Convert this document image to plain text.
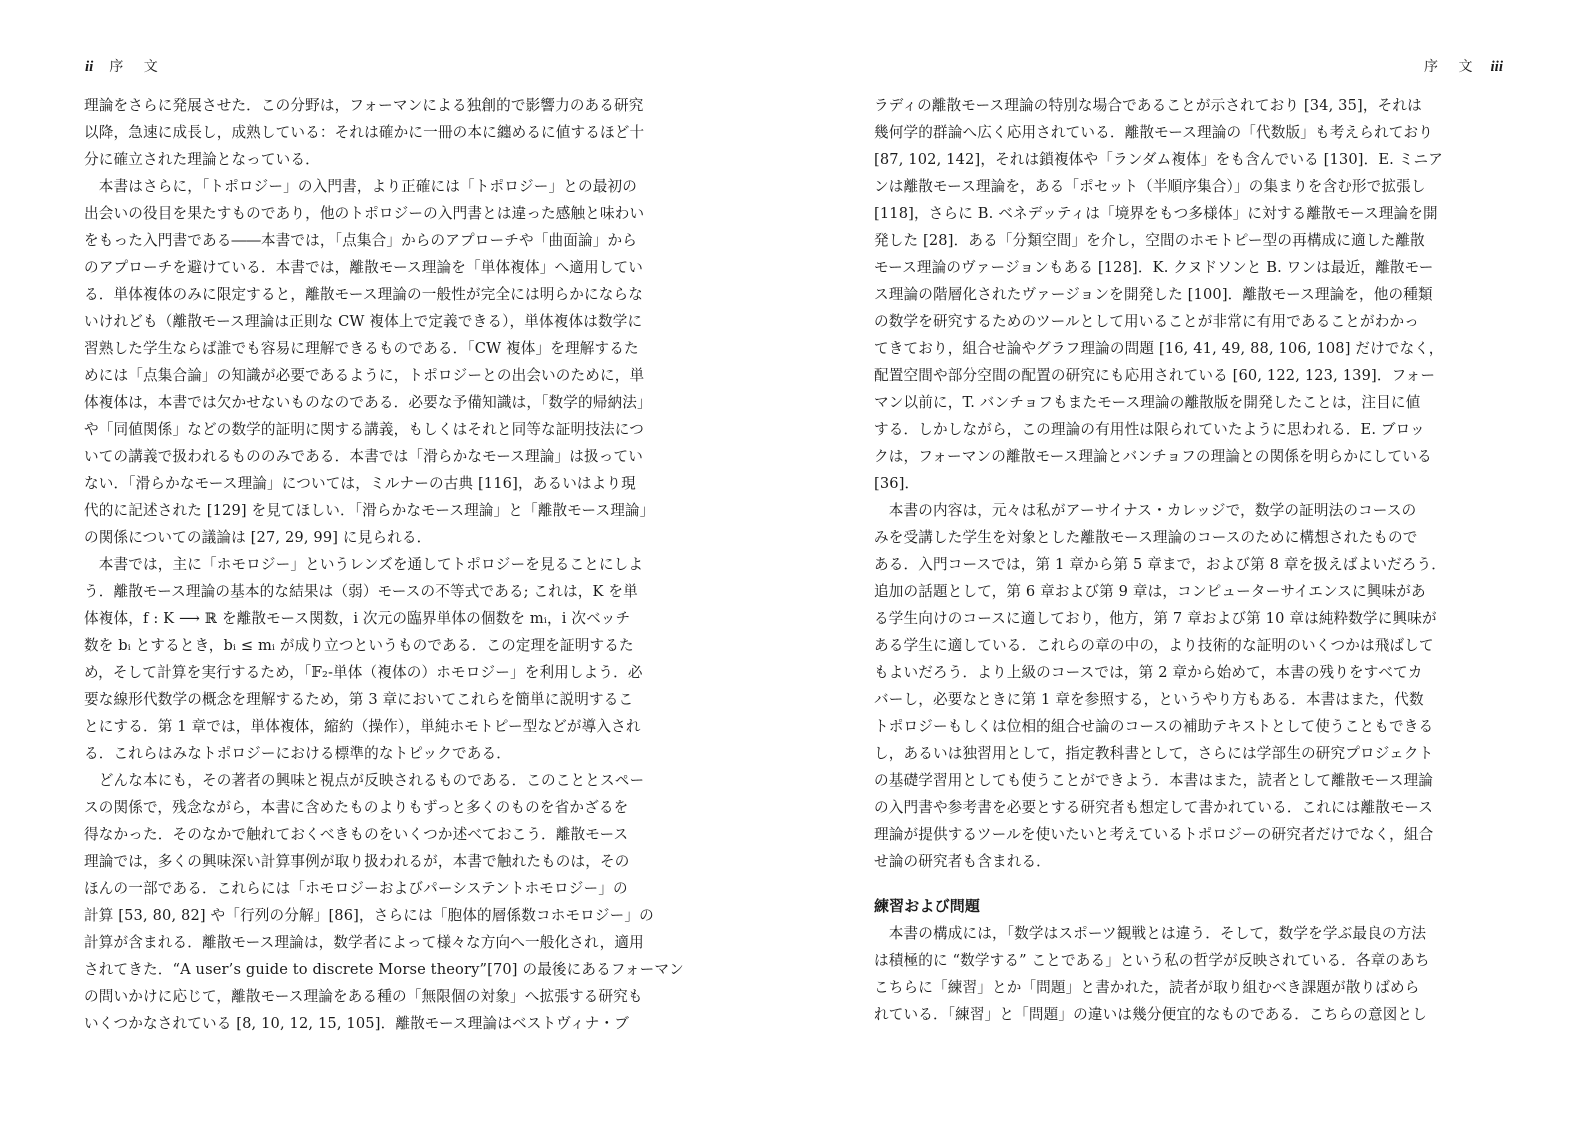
ii 序 文
理論をさらに発展させた．この分野は，フォーマンによる独創的で影響力のある研究
以降，急速に成長し，成熟している：それは確かに一冊の本に纏めるに値するほど十
分に確立された理論となっている．
　本書はさらに，「トポロジー」の入門書，より正確には「トポロジー」との最初の
出会いの役目を果たすものであり，他のトポロジーの入門書とは違った感触と味わい
をもった入門書である――本書では，「点集合」からのアプローチや「曲面論」から
のアプローチを避けている．本書では，離散モース理論を「単体複体」へ適用してい
る．単体複体のみに限定すると，離散モース理論の一般性が完全には明らかにならな
いけれども（離散モース理論は正則な CW 複体上で定義できる），単体複体は数学に
習熟した学生ならば誰でも容易に理解できるものである．「CW 複体」を理解するた
めには「点集合論」の知識が必要であるように，トポロジーとの出会いのために，単
体複体は，本書では欠かせないものなのである．必要な予備知識は，「数学的帰納法」
や「同値関係」などの数学的証明に関する講義，もしくはそれと同等な証明技法につ
いての講義で扱われるもののみである．本書では「滑らかなモース理論」は扱ってい
ない．「滑らかなモース理論」については，ミルナーの古典 [116]，あるいはより現
代的に記述された [129] を見てほしい．「滑らかなモース理論」と「離散モース理論」
の関係についての議論は [27, 29, 99] に見られる．
　本書では，主に「ホモロジー」というレンズを通してトポロジーを見ることにしよ
う．離散モース理論の基本的な結果は（弱）モースの不等式である; これは，K を単
体複体，f : K ⟶ ℝ を離散モース関数，i 次元の臨界単体の個数を mᵢ，i 次ベッチ
数を bᵢ とするとき，bᵢ ≤ mᵢ が成り立つというものである．この定理を証明するた
め，そして計算を実行するため，「𝔽₂-単体（複体の）ホモロジー」を利用しよう．必
要な線形代数学の概念を理解するため，第 3 章においてこれらを簡単に説明するこ
とにする．第 1 章では，単体複体，縮約（操作），単純ホモトピー型などが導入され
る．これらはみなトポロジーにおける標準的なトピックである．
　どんな本にも，その著者の興味と視点が反映されるものである．このこととスペー
スの関係で，残念ながら，本書に含めたものよりもずっと多くのものを省かざるを
得なかった．そのなかで触れておくべきものをいくつか述べておこう．離散モース
理論では，多くの興味深い計算事例が取り扱われるが，本書で触れたものは，その
ほんの一部である．これらには「ホモロジーおよびパーシステントホモロジー」の
計算 [53, 80, 82] や「行列の分解」[86]，さらには「胞体的層係数コホモロジー」の
計算が含まれる．離散モース理論は，数学者によって様々な方向へ一般化され，適用
されてきた．“A user’s guide to discrete Morse theory”[70] の最後にあるフォーマン
の問いかけに応じて，離散モース理論をある種の「無限個の対象」へ拡張する研究も
いくつかなされている [8, 10, 12, 15, 105]．離散モース理論はベストヴィナ・ブ
序 文 iii
ラディの離散モース理論の特別な場合であることが示されており [34, 35]，それは
幾何学的群論へ広く応用されている．離散モース理論の「代数版」も考えられており
[87, 102, 142]，それは鎖複体や「ランダム複体」をも含んでいる [130]．E. ミニア
ンは離散モース理論を，ある「ポセット（半順序集合）」の集まりを含む形で拡張し
[118]，さらに B. ベネデッティは「境界をもつ多様体」に対する離散モース理論を開
発した [28]．ある「分類空間」を介し，空間のホモトピー型の再構成に適した離散
モース理論のヴァージョンもある [128]．K. クヌドソンと B. ワンは最近，離散モー
ス理論の階層化されたヴァージョンを開発した [100]．離散モース理論を，他の種類
の数学を研究するためのツールとして用いることが非常に有用であることがわかっ
てきており，組合せ論やグラフ理論の問題 [16, 41, 49, 88, 106, 108] だけでなく，
配置空間や部分空間の配置の研究にも応用されている [60, 122, 123, 139]．フォー
マン以前に，T. バンチョフもまたモース理論の離散版を開発したことは，注目に値
する．しかしながら，この理論の有用性は限られていたように思われる．E. ブロッ
クは，フォーマンの離散モース理論とバンチョフの理論との関係を明らかにしている
[36]．
　本書の内容は，元々は私がアーサイナス・カレッジで，数学の証明法のコースの
みを受講した学生を対象とした離散モース理論のコースのために構想されたもので
ある．入門コースでは，第 1 章から第 5 章まで，および第 8 章を扱えばよいだろう．
追加の話題として，第 6 章および第 9 章は，コンピューターサイエンスに興味があ
る学生向けのコースに適しており，他方，第 7 章および第 10 章は純粋数学に興味が
ある学生に適している．これらの章の中の，より技術的な証明のいくつかは飛ばして
もよいだろう．より上級のコースでは，第 2 章から始めて，本書の残りをすべてカ
バーし，必要なときに第 1 章を参照する，というやり方もある．本書はまた，代数
トポロジーもしくは位相的組合せ論のコースの補助テキストとして使うこともできる
し，あるいは独習用として，指定教科書として，さらには学部生の研究プロジェクト
の基礎学習用としても使うことができよう．本書はまた，読者として離散モース理論
の入門書や参考書を必要とする研究者も想定して書かれている．これには離散モース
理論が提供するツールを使いたいと考えているトポロジーの研究者だけでなく，組合
せ論の研究者も含まれる．
練習および問題
　本書の構成には，「数学はスポーツ観戦とは違う．そして，数学を学ぶ最良の方法
は積極的に “数学する” ことである」という私の哲学が反映されている．各章のあち
こちらに「練習」とか「問題」と書かれた，読者が取り組むべき課題が散りばめら
れている．「練習」と「問題」の違いは幾分便宜的なものである．こちらの意図とし
